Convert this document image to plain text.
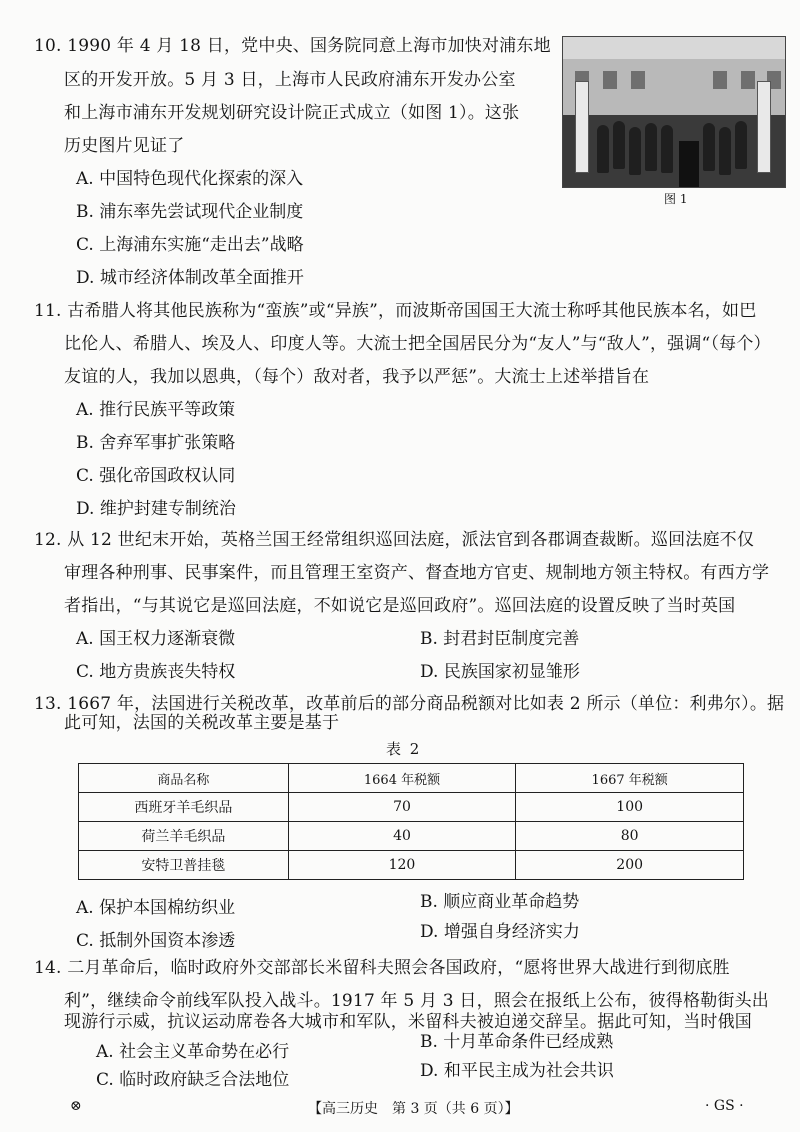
10. 1990 年 4 月 18 日，党中央、国务院同意上海市加快对浦东地
区的开发开放。5 月 3 日，上海市人民政府浦东开发办公室
和上海市浦东开发规划研究设计院正式成立（如图 1）。这张
历史图片见证了
A. 中国特色现代化探索的深入
B. 浦东率先尝试现代企业制度
C. 上海浦东实施“走出去”战略
D. 城市经济体制改革全面推开
图 1
11. 古希腊人将其他民族称为“蛮族”或“异族”，而波斯帝国国王大流士称呼其他民族本名，如巴
比伦人、希腊人、埃及人、印度人等。大流士把全国居民分为“友人”与“敌人”，强调“（每个）
友谊的人，我加以恩典，（每个）敌对者，我予以严惩”。大流士上述举措旨在
A. 推行民族平等政策
B. 舍弃军事扩张策略
C. 强化帝国政权认同
D. 维护封建专制统治
12. 从 12 世纪末开始，英格兰国王经常组织巡回法庭，派法官到各郡调查裁断。巡回法庭不仅
审理各种刑事、民事案件，而且管理王室资产、督查地方官吏、规制地方领主特权。有西方学
者指出，“与其说它是巡回法庭，不如说它是巡回政府”。巡回法庭的设置反映了当时英国
A. 国王权力逐渐衰微	B. 封君封臣制度完善
C. 地方贵族丧失特权	D. 民族国家初显雏形
13. 1667 年，法国进行关税改革，改革前后的部分商品税额对比如表 2 所示（单位：利弗尔）。据
此可知，法国的关税改革主要是基于
表 2
商品名称	1664 年税额	1667 年税额
西班牙羊毛织品	70	100
荷兰羊毛织品	40	80
安特卫普挂毯	120	200
A. 保护本国棉纺织业	B. 顺应商业革命趋势
C. 抵制外国资本渗透	D. 增强自身经济实力
14. 二月革命后，临时政府外交部部长米留科夫照会各国政府，“愿将世界大战进行到彻底胜
利”，继续命令前线军队投入战斗。1917 年 5 月 3 日，照会在报纸上公布，彼得格勒街头出
现游行示威，抗议运动席卷各大城市和军队，米留科夫被迫递交辞呈。据此可知，当时俄国
A. 社会主义革命势在必行	B. 十月革命条件已经成熟
C. 临时政府缺乏合法地位	D. 和平民主成为社会共识
⊗	【高三历史　第 3 页（共 6 页）】	· GS ·
